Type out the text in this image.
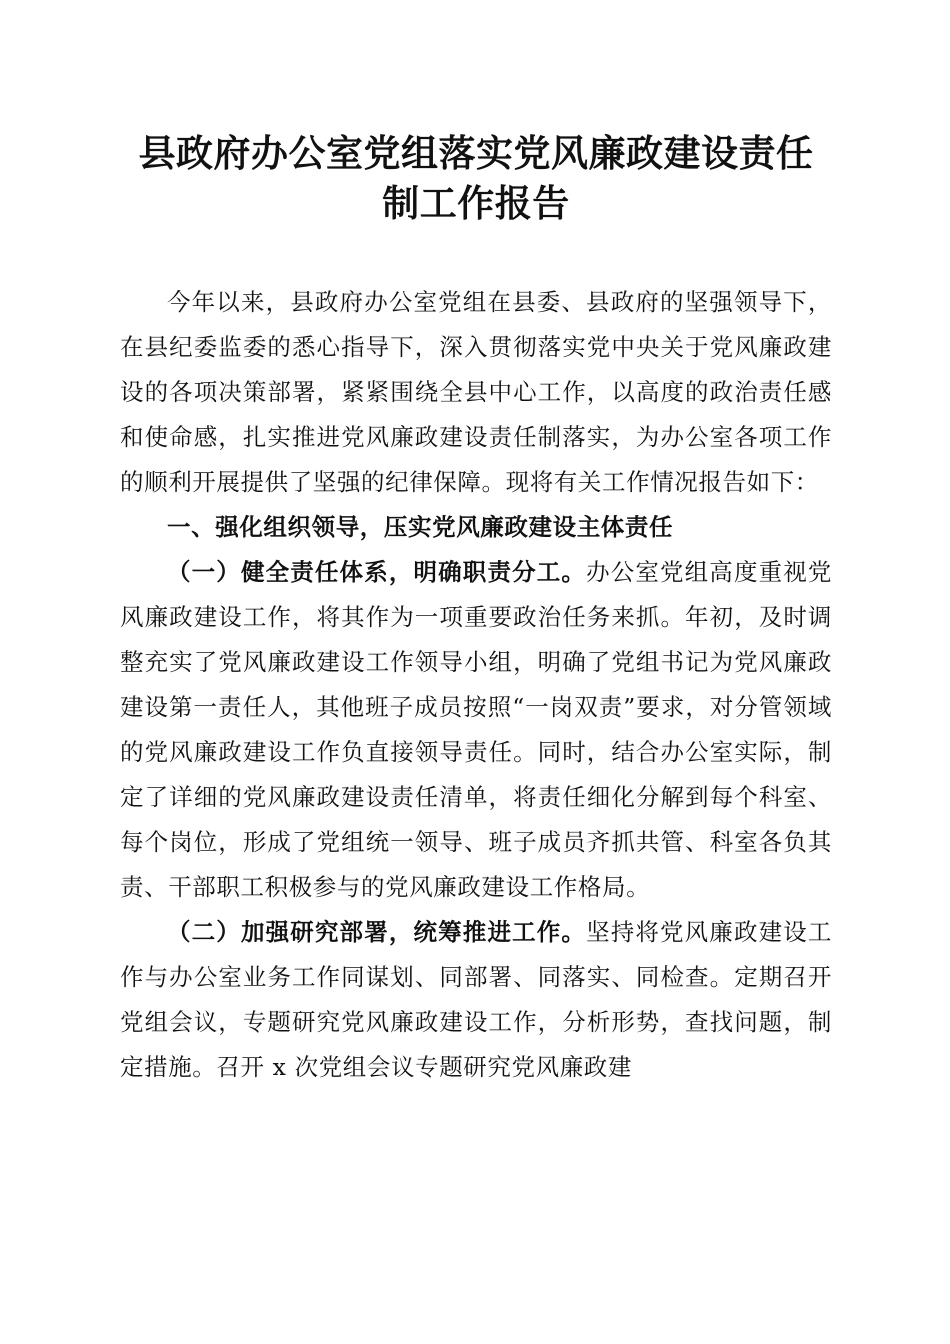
县政府办公室党组落实党风廉政建设责任制工作报告

今年以来，县政府办公室党组在县委、县政府的坚强领导下，在县纪委监委的悉心指导下，深入贯彻落实党中央关于党风廉政建设的各项决策部署，紧紧围绕全县中心工作，以高度的政治责任感和使命感，扎实推进党风廉政建设责任制落实，为办公室各项工作的顺利开展提供了坚强的纪律保障。现将有关工作情况报告如下：

一、强化组织领导，压实党风廉政建设主体责任

（一）健全责任体系，明确职责分工。办公室党组高度重视党风廉政建设工作，将其作为一项重要政治任务来抓。年初，及时调整充实了党风廉政建设工作领导小组，明确了党组书记为党风廉政建设第一责任人，其他班子成员按照“一岗双责”要求，对分管领域的党风廉政建设工作负直接领导责任。同时，结合办公室实际，制定了详细的党风廉政建设责任清单，将责任细化分解到每个科室、每个岗位，形成了党组统一领导、班子成员齐抓共管、科室各负其责、干部职工积极参与的党风廉政建设工作格局。

（二）加强研究部署，统筹推进工作。坚持将党风廉政建设工作与办公室业务工作同谋划、同部署、同落实、同检查。定期召开党组会议，专题研究党风廉政建设工作，分析形势，查找问题，制定措施。召开 x 次党组会议专题研究党风廉政建
